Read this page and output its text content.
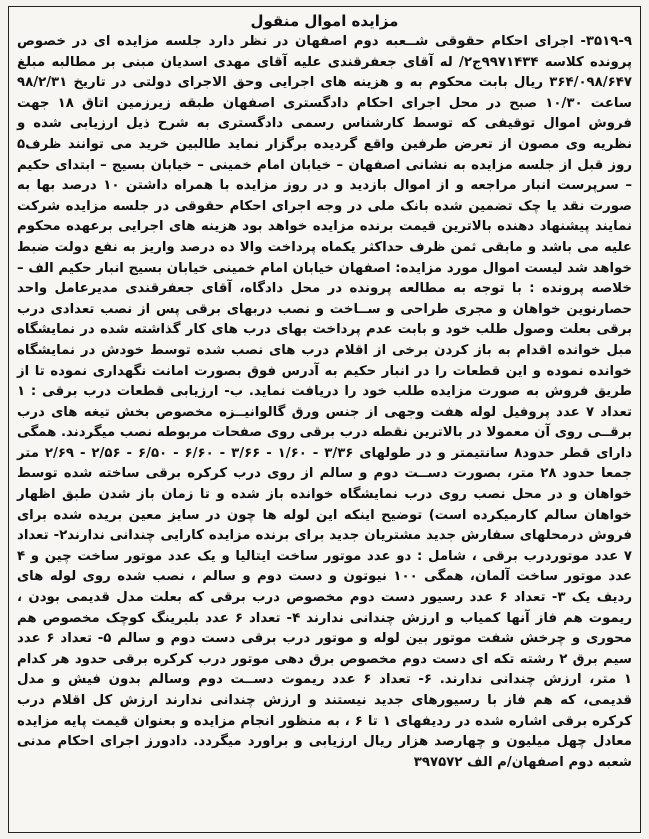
مزایده اموال منقول

۳۵۱۹-۹- اجرای احکام حقوقی شــعبه دوم اصفهان در نظر دارد جلسه مزایده ای در خصوص پرونده کلاسه ۹۹۷۱۴۳۴ج۲/ له آقای جعفرقندی علیه آقای مهدی اسدیان مبنی بر مطالبه مبلغ ۳۶۴/۰۹۸/۶۴۷ ریال بابت محکوم به و هزینه های اجرایی وحق الاجرای دولتی در تاریخ ۹۸/۲/۳۱ ساعت ۱۰/۳۰ صبح در محل اجرای احکام دادگستری اصفهان طبقه زیرزمین اتاق ۱۸ جهت فروش اموال توقیفی که توسط کارشناس رسمی دادگستری به شرح ذیل ارزیابی شده و نظریه وی مصون از تعرض طرفین واقع گردیده برگزار نماید طالبین خرید می توانند ظرف۵ روز قبل از جلسه مزایده به نشانی اصفهان – خیابان امام خمینی – خیابان بسیج – ابتدای حکیم – سرپرست انبار مراجعه و از اموال بازدید و در روز مزایده با همراه داشتن ۱۰ درصد بها به صورت نقد یا چک تضمین شده بانک ملی در وجه اجرای احکام حقوقی در جلسه مزایده شرکت نمایند پیشنهاد دهنده بالاترین قیمت برنده مزایده خواهد بود هزینه های اجرایی برعهده محکوم علیه می باشد و مابقی ثمن ظرف حداکثر یکماه پرداخت والا ده درصد واریز به نفع دولت ضبط خواهد شد لیست اموال مورد مزایده: اصفهان خیابان امام خمینی خیابان بسیج انبار حکیم الف – خلاصه پرونده : با توجه به مطالعه پرونده در محل دادگاه، آقای جعفرقندی مدیرعامل واحد حصارنوین خواهان و مجری طراحی و ســاخت و نصب دربهای برقی پس از نصب تعدادی درب برقی بعلت وصول طلب خود و بابت عدم پرداخت بهای درب های کار گذاشته شده در نمایشگاه مبل خوانده اقدام به باز کردن برخی از اقلام درب های نصب شده توسط خودش در نمایشگاه خوانده نموده و این قطعات را در انبار حکیم به آدرس فوق بصورت امانت نگهداری نموده تا از طریق فروش به صورت مزایده طلب خود را دریافت نماید. ب- ارزیابی قطعات درب برقی : ۱ تعداد ۷ عدد پروفیل لوله هفت وجهی از جنس ورق گالوانیــزه مخصوص بخش تیغه های درب برقــی روی آن معمولا در بالاترین نقطه درب برقی روی صفحات مربوطه نصب میگردند. همگی دارای قطر حدود۸ سانتیمتر و در طولهای ۳/۳۶ - ۱/۶۰ - ۳/۶۶ - ۶/۶۰ - ۶/۵۰ - ۲/۵۶ - ۲/۶۹ متر جمعا حدود ۲۸ متر، بصورت دســت دوم و سالم از روی درب کرکره برقی ساخته شده توسط خواهان و در محل نصب روی درب نمایشگاه خوانده باز شده و تا زمان باز شدن طبق اظهار خواهان سالم کارمیکرده است) توضیح اینکه این لوله ها چون در سایز معین بریده شده برای فروش درمحلهای سفارش جدید مشتریان جدید برای برنده مزایده کارایی چندانی ندارند۲- تعداد ۷ عدد موتوردرب برقی ، شامل : دو عدد موتور ساخت ایتالیا و یک عدد موتور ساخت چین و ۴ عدد موتور ساخت آلمان، همگی ۱۰۰ نیوتون و دست دوم و سالم ، نصب شده روی لوله های ردیف یک ۳- تعداد ۶ عدد رسیور دست دوم مخصوص درب برقی که بعلت مدل قدیمی بودن ، ریموت هم فاز آنها کمیاب و ارزش چندانی ندارند ۴- تعداد ۶ عدد بلبرینگ کوچک مخصوص هم محوری و چرخش شفت موتور بین لوله و موتور درب برقی دست دوم و سالم ۵- تعداد ۶ عدد سیم برق ۲ رشته تکه ای دست دوم مخصوص برق دهی موتور درب کرکره برقی حدود هر کدام ۱ متر، ارزش چندانی ندارند. ۶- تعداد ۶ عدد ریموت دســت دوم وسالم بدون فیش و مدل قدیمی، که هم فاز با رسیورهای جدید نیستند و ارزش چندانی ندارند ارزش کل اقلام درب کرکره برقی اشاره شده در ردیفهای ۱ تا ۶ ، به منظور انجام مزایده و بعنوان قیمت پایه مزایده معادل چهل میلیون و چهارصد هزار ریال ارزیابی و براورد میگردد. دادورز اجرای احکام مدنی شعبه دوم اصفهان/م الف ۳۹۷۵۷۲
